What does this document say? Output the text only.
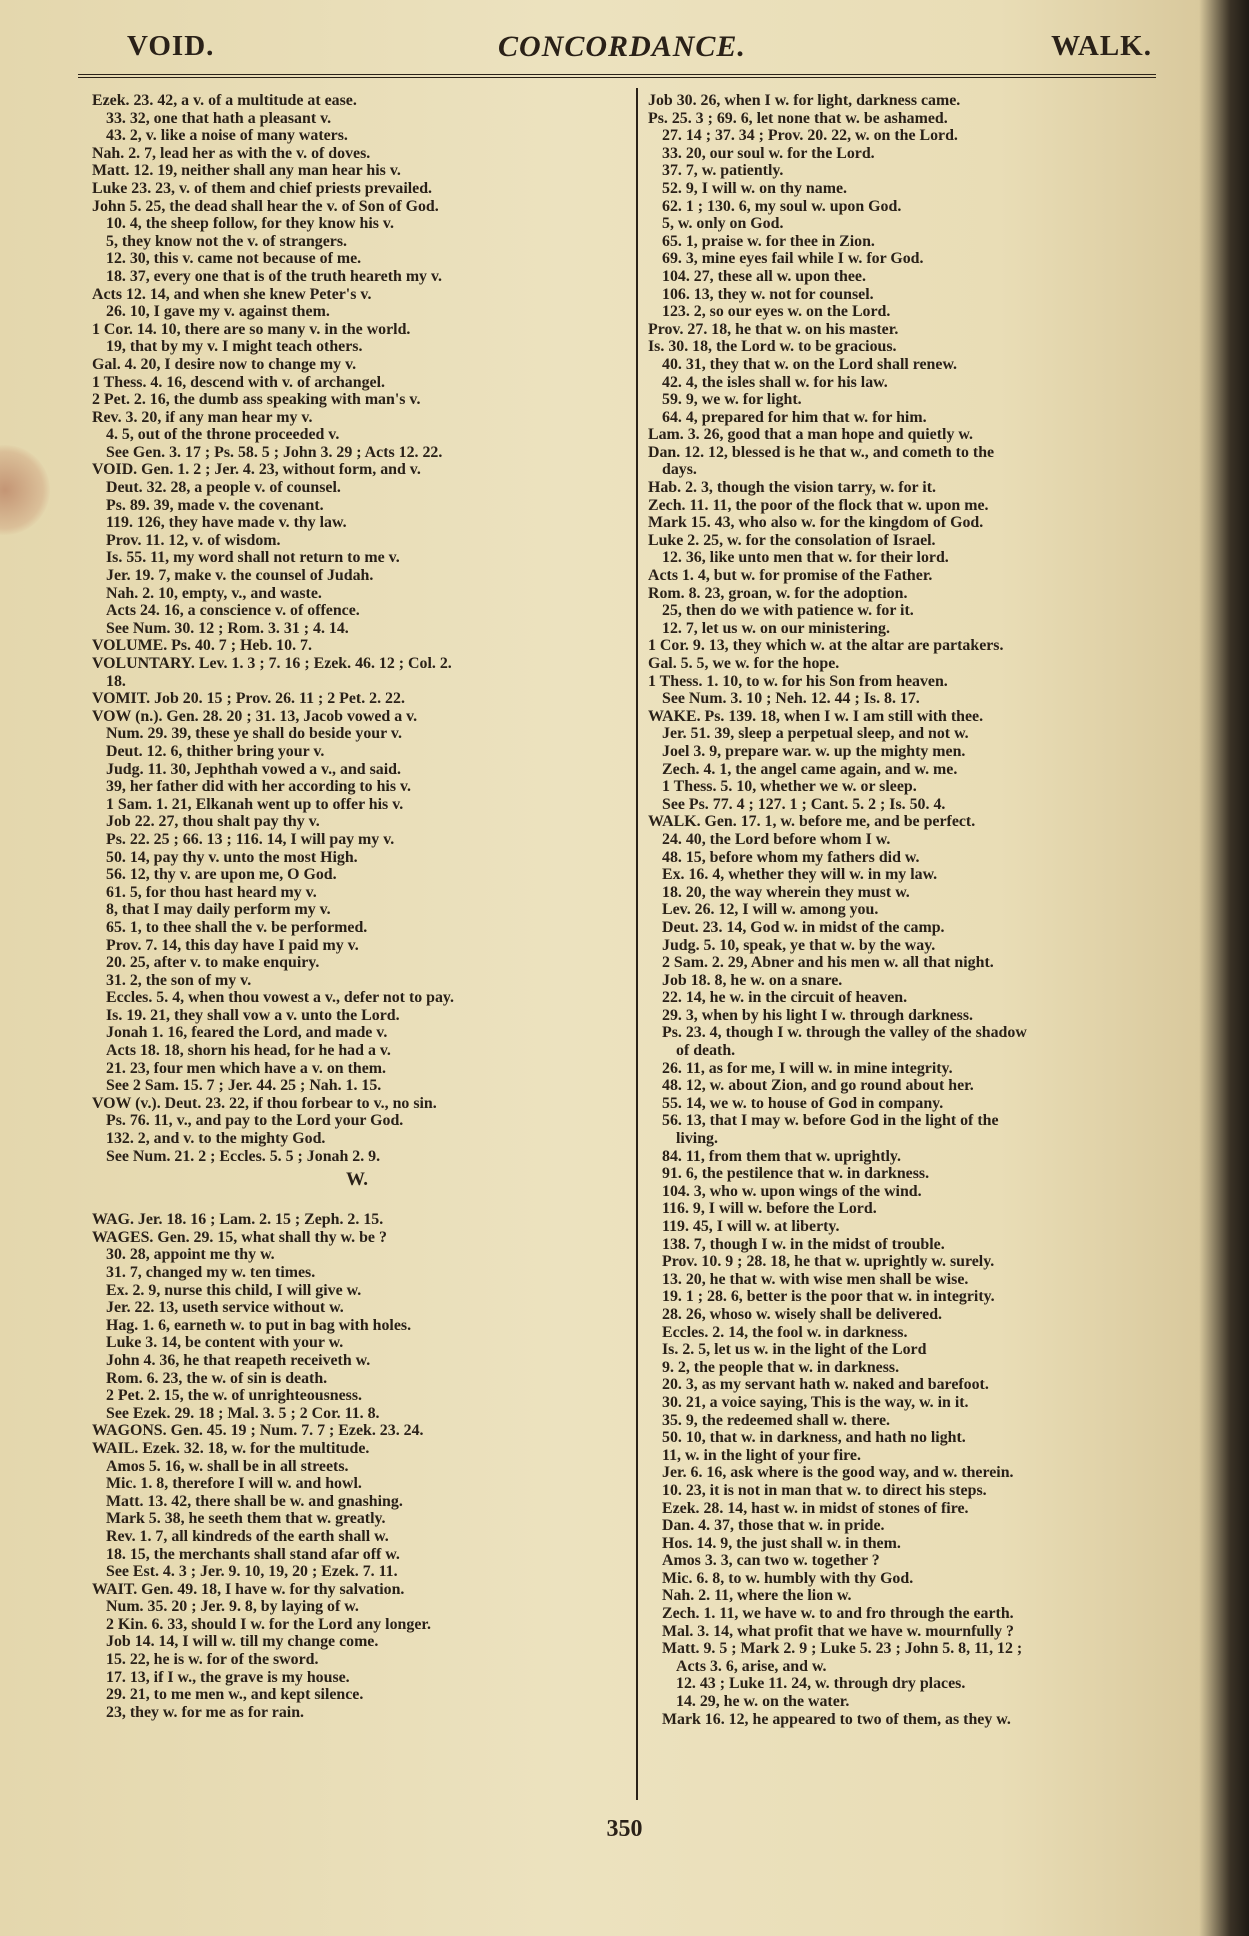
VOID.	CONCORDANCE.	WALK.
Ezek. 23. 42, a v. of a multitude at ease.
33. 32, one that hath a pleasant v.
43. 2, v. like a noise of many waters.
Nah. 2. 7, lead her as with the v. of doves.
Matt. 12. 19, neither shall any man hear his v.
Luke 23. 23, v. of them and chief priests prevailed.
John 5. 25, the dead shall hear the v. of Son of God.
10. 4, the sheep follow, for they know his v.
5, they know not the v. of strangers.
12. 30, this v. came not because of me.
18. 37, every one that is of the truth heareth my v.
Acts 12. 14, and when she knew Peter's v.
26. 10, I gave my v. against them.
1 Cor. 14. 10, there are so many v. in the world.
19, that by my v. I might teach others.
Gal. 4. 20, I desire now to change my v.
1 Thess. 4. 16, descend with v. of archangel.
2 Pet. 2. 16, the dumb ass speaking with man's v.
Rev. 3. 20, if any man hear my v.
4. 5, out of the throne proceeded v.
See Gen. 3. 17 ; Ps. 58. 5 ; John 3. 29 ; Acts 12. 22.
VOID. Gen. 1. 2 ; Jer. 4. 23, without form, and v.
Deut. 32. 28, a people v. of counsel.
Ps. 89. 39, made v. the covenant.
119. 126, they have made v. thy law.
Prov. 11. 12, v. of wisdom.
Is. 55. 11, my word shall not return to me v.
Jer. 19. 7, make v. the counsel of Judah.
Nah. 2. 10, empty, v., and waste.
Acts 24. 16, a conscience v. of offence.
See Num. 30. 12 ; Rom. 3. 31 ; 4. 14.
VOLUME. Ps. 40. 7 ; Heb. 10. 7.
VOLUNTARY. Lev. 1. 3 ; 7. 16 ; Ezek. 46. 12 ; Col. 2.
18.
VOMIT. Job 20. 15 ; Prov. 26. 11 ; 2 Pet. 2. 22.
VOW (n.). Gen. 28. 20 ; 31. 13, Jacob vowed a v.
Num. 29. 39, these ye shall do beside your v.
Deut. 12. 6, thither bring your v.
Judg. 11. 30, Jephthah vowed a v., and said.
39, her father did with her according to his v.
1 Sam. 1. 21, Elkanah went up to offer his v.
Job 22. 27, thou shalt pay thy v.
Ps. 22. 25 ; 66. 13 ; 116. 14, I will pay my v.
50. 14, pay thy v. unto the most High.
56. 12, thy v. are upon me, O God.
61. 5, for thou hast heard my v.
8, that I may daily perform my v.
65. 1, to thee shall the v. be performed.
Prov. 7. 14, this day have I paid my v.
20. 25, after v. to make enquiry.
31. 2, the son of my v.
Eccles. 5. 4, when thou vowest a v., defer not to pay.
Is. 19. 21, they shall vow a v. unto the Lord.
Jonah 1. 16, feared the Lord, and made v.
Acts 18. 18, shorn his head, for he had a v.
21. 23, four men which have a v. on them.
See 2 Sam. 15. 7 ; Jer. 44. 25 ; Nah. 1. 15.
VOW (v.). Deut. 23. 22, if thou forbear to v., no sin.
Ps. 76. 11, v., and pay to the Lord your God.
132. 2, and v. to the mighty God.
See Num. 21. 2 ; Eccles. 5. 5 ; Jonah 2. 9.
W.
WAG. Jer. 18. 16 ; Lam. 2. 15 ; Zeph. 2. 15.
WAGES. Gen. 29. 15, what shall thy w. be ?
30. 28, appoint me thy w.
31. 7, changed my w. ten times.
Ex. 2. 9, nurse this child, I will give w.
Jer. 22. 13, useth service without w.
Hag. 1. 6, earneth w. to put in bag with holes.
Luke 3. 14, be content with your w.
John 4. 36, he that reapeth receiveth w.
Rom. 6. 23, the w. of sin is death.
2 Pet. 2. 15, the w. of unrighteousness.
See Ezek. 29. 18 ; Mal. 3. 5 ; 2 Cor. 11. 8.
WAGONS. Gen. 45. 19 ; Num. 7. 7 ; Ezek. 23. 24.
WAIL. Ezek. 32. 18, w. for the multitude.
Amos 5. 16, w. shall be in all streets.
Mic. 1. 8, therefore I will w. and howl.
Matt. 13. 42, there shall be w. and gnashing.
Mark 5. 38, he seeth them that w. greatly.
Rev. 1. 7, all kindreds of the earth shall w.
18. 15, the merchants shall stand afar off w.
See Est. 4. 3 ; Jer. 9. 10, 19, 20 ; Ezek. 7. 11.
WAIT. Gen. 49. 18, I have w. for thy salvation.
Num. 35. 20 ; Jer. 9. 8, by laying of w.
2 Kin. 6. 33, should I w. for the Lord any longer.
Job 14. 14, I will w. till my change come.
15. 22, he is w. for of the sword.
17. 13, if I w., the grave is my house.
29. 21, to me men w., and kept silence.
23, they w. for me as for rain.
Job 30. 26, when I w. for light, darkness came.
Ps. 25. 3 ; 69. 6, let none that w. be ashamed.
27. 14 ; 37. 34 ; Prov. 20. 22, w. on the Lord.
33. 20, our soul w. for the Lord.
37. 7, w. patiently.
52. 9, I will w. on thy name.
62. 1 ; 130. 6, my soul w. upon God.
5, w. only on God.
65. 1, praise w. for thee in Zion.
69. 3, mine eyes fail while I w. for God.
104. 27, these all w. upon thee.
106. 13, they w. not for counsel.
123. 2, so our eyes w. on the Lord.
Prov. 27. 18, he that w. on his master.
Is. 30. 18, the Lord w. to be gracious.
40. 31, they that w. on the Lord shall renew.
42. 4, the isles shall w. for his law.
59. 9, we w. for light.
64. 4, prepared for him that w. for him.
Lam. 3. 26, good that a man hope and quietly w.
Dan. 12. 12, blessed is he that w., and cometh to the
days.
Hab. 2. 3, though the vision tarry, w. for it.
Zech. 11. 11, the poor of the flock that w. upon me.
Mark 15. 43, who also w. for the kingdom of God.
Luke 2. 25, w. for the consolation of Israel.
12. 36, like unto men that w. for their lord.
Acts 1. 4, but w. for promise of the Father.
Rom. 8. 23, groan, w. for the adoption.
25, then do we with patience w. for it.
12. 7, let us w. on our ministering.
1 Cor. 9. 13, they which w. at the altar are partakers.
Gal. 5. 5, we w. for the hope.
1 Thess. 1. 10, to w. for his Son from heaven.
See Num. 3. 10 ; Neh. 12. 44 ; Is. 8. 17.
WAKE. Ps. 139. 18, when I w. I am still with thee.
Jer. 51. 39, sleep a perpetual sleep, and not w.
Joel 3. 9, prepare war. w. up the mighty men.
Zech. 4. 1, the angel came again, and w. me.
1 Thess. 5. 10, whether we w. or sleep.
See Ps. 77. 4 ; 127. 1 ; Cant. 5. 2 ; Is. 50. 4.
WALK. Gen. 17. 1, w. before me, and be perfect.
24. 40, the Lord before whom I w.
48. 15, before whom my fathers did w.
Ex. 16. 4, whether they will w. in my law.
18. 20, the way wherein they must w.
Lev. 26. 12, I will w. among you.
Deut. 23. 14, God w. in midst of the camp.
Judg. 5. 10, speak, ye that w. by the way.
2 Sam. 2. 29, Abner and his men w. all that night.
Job 18. 8, he w. on a snare.
22. 14, he w. in the circuit of heaven.
29. 3, when by his light I w. through darkness.
Ps. 23. 4, though I w. through the valley of the shadow
of death.
26. 11, as for me, I will w. in mine integrity.
48. 12, w. about Zion, and go round about her.
55. 14, we w. to house of God in company.
56. 13, that I may w. before God in the light of the
living.
84. 11, from them that w. uprightly.
91. 6, the pestilence that w. in darkness.
104. 3, who w. upon wings of the wind.
116. 9, I will w. before the Lord.
119. 45, I will w. at liberty.
138. 7, though I w. in the midst of trouble.
Prov. 10. 9 ; 28. 18, he that w. uprightly w. surely.
13. 20, he that w. with wise men shall be wise.
19. 1 ; 28. 6, better is the poor that w. in integrity.
28. 26, whoso w. wisely shall be delivered.
Eccles. 2. 14, the fool w. in darkness.
Is. 2. 5, let us w. in the light of the Lord
9. 2, the people that w. in darkness.
20. 3, as my servant hath w. naked and barefoot.
30. 21, a voice saying, This is the way, w. in it.
35. 9, the redeemed shall w. there.
50. 10, that w. in darkness, and hath no light.
11, w. in the light of your fire.
Jer. 6. 16, ask where is the good way, and w. therein.
10. 23, it is not in man that w. to direct his steps.
Ezek. 28. 14, hast w. in midst of stones of fire.
Dan. 4. 37, those that w. in pride.
Hos. 14. 9, the just shall w. in them.
Amos 3. 3, can two w. together ?
Mic. 6. 8, to w. humbly with thy God.
Nah. 2. 11, where the lion w.
Zech. 1. 11, we have w. to and fro through the earth.
Mal. 3. 14, what profit that we have w. mournfully ?
Matt. 9. 5 ; Mark 2. 9 ; Luke 5. 23 ; John 5. 8, 11, 12 ;
Acts 3. 6, arise, and w.
12. 43 ; Luke 11. 24, w. through dry places.
14. 29, he w. on the water.
Mark 16. 12, he appeared to two of them, as they w.
350
